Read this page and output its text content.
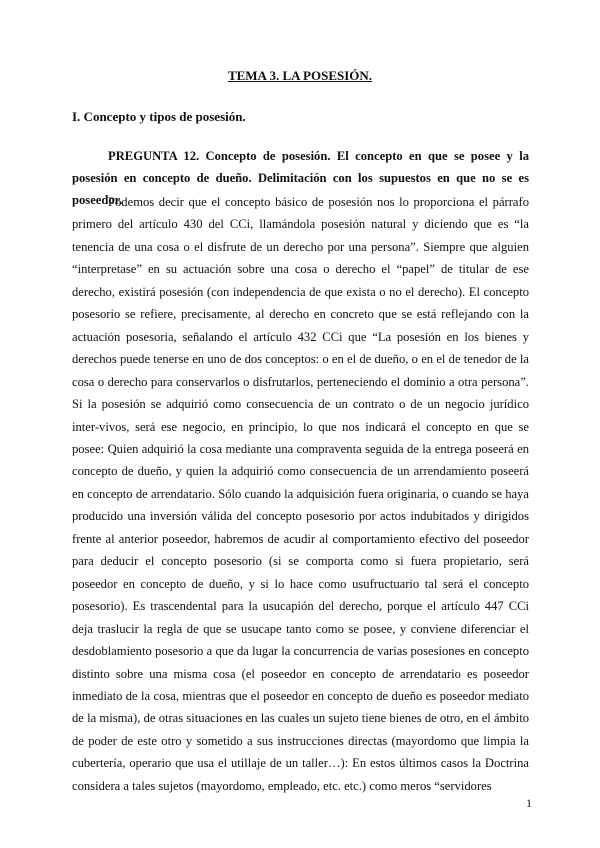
TEMA 3. LA POSESIÓN.
I. Concepto y tipos de posesión.
PREGUNTA 12. Concepto de posesión. El concepto en que se posee y la posesión en concepto de dueño. Delimitación con los supuestos en que no se es poseedor.
Podemos decir que el concepto básico de posesión nos lo proporciona el párrafo primero del artículo 430 del CCi, llamándola posesión natural y diciendo que es “la tenencia de una cosa o el disfrute de un derecho por una persona”. Siempre que alguien “interpretase” en su actuación sobre una cosa o derecho el “papel” de titular de ese derecho, existirá posesión (con independencia de que exista o no el derecho). El concepto posesorio se refiere, precisamente, al derecho en concreto que se está reflejando con la actuación posesoria, señalando el artículo 432 CCi que “La posesión en los bienes y derechos puede tenerse en uno de dos conceptos: o en el de dueño, o en el de tenedor de la cosa o derecho para conservarlos o disfrutarlos, perteneciendo el dominio a otra persona”. Si la posesión se adquirió como consecuencia de un contrato o de un negocio jurídico inter-vivos, será ese negocio, en principio, lo que nos indicará el concepto en que se posee: Quien adquirió la cosa mediante una compraventa seguida de la entrega poseerá en concepto de dueño, y quien la adquirió como consecuencia de un arrendamiento poseerá en concepto de arrendatario. Sólo cuando la adquisición fuera originaria, o cuando se haya producido una inversión válida del concepto posesorio por actos indubitados y dirigidos frente al anterior poseedor, habremos de acudir al comportamiento efectivo del poseedor para deducir el concepto posesorio (si se comporta como si fuera propietario, será poseedor en concepto de dueño, y si lo hace como usufructuario tal será el concepto posesorio). Es trascendental para la usucapión del derecho, porque el artículo 447 CCi deja traslucir la regla de que se usucape tanto como se posee, y conviene diferenciar el desdoblamiento posesorio a que da lugar la concurrencia de varias posesiones en concepto distinto sobre una misma cosa (el poseedor en concepto de arrendatario es poseedor inmediato de la cosa, mientras que el poseedor en concepto de dueño es poseedor mediato de la misma), de otras situaciones en las cuales un sujeto tiene bienes de otro, en el ámbito de poder de este otro y sometido a sus instrucciones directas (mayordomo que limpia la cubertería, operario que usa el utillaje de un taller…): En estos últimos casos la Doctrina considera a tales sujetos (mayordomo, empleado, etc. etc.) como meros “servidores
1
